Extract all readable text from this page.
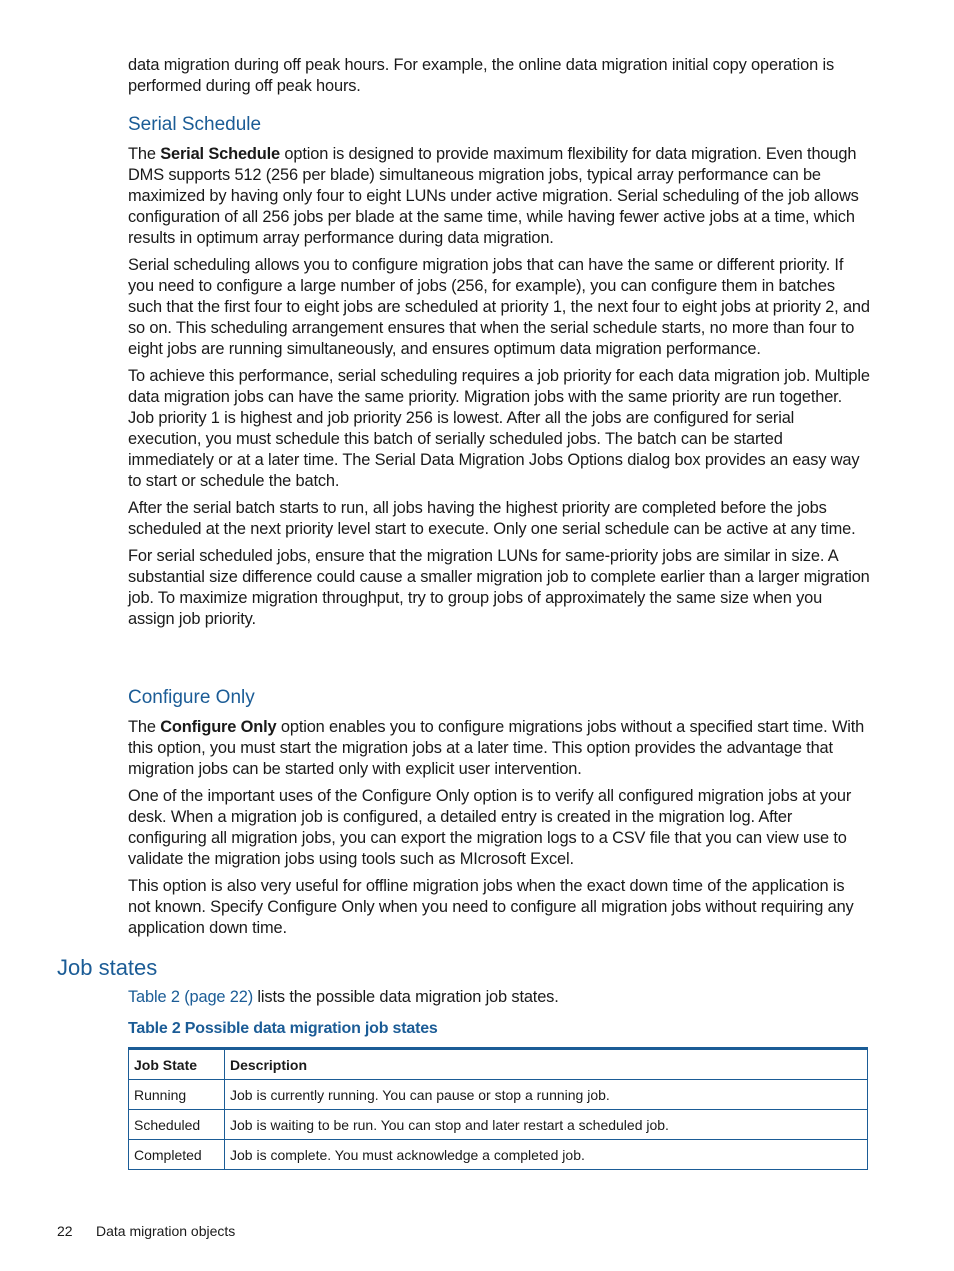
data migration during off peak hours. For example, the online data migration initial copy operation is performed during off peak hours.

Serial Schedule

The Serial Schedule option is designed to provide maximum flexibility for data migration. Even though DMS supports 512 (256 per blade) simultaneous migration jobs, typical array performance can be maximized by having only four to eight LUNs under active migration. Serial scheduling of the job allows configuration of all 256 jobs per blade at the same time, while having fewer active jobs at a time, which results in optimum array performance during data migration.

Serial scheduling allows you to configure migration jobs that can have the same or different priority. If you need to configure a large number of jobs (256, for example), you can configure them in batches such that the first four to eight jobs are scheduled at priority 1, the next four to eight jobs at priority 2, and so on. This scheduling arrangement ensures that when the serial schedule starts, no more than four to eight jobs are running simultaneously, and ensures optimum data migration performance.

To achieve this performance, serial scheduling requires a job priority for each data migration job. Multiple data migration jobs can have the same priority. Migration jobs with the same priority are run together. Job priority 1 is highest and job priority 256 is lowest. After all the jobs are configured for serial execution, you must schedule this batch of serially scheduled jobs. The batch can be started immediately or at a later time. The Serial Data Migration Jobs Options dialog box provides an easy way to start or schedule the batch.

After the serial batch starts to run, all jobs having the highest priority are completed before the jobs scheduled at the next priority level start to execute. Only one serial schedule can be active at any time.

For serial scheduled jobs, ensure that the migration LUNs for same-priority jobs are similar in size. A substantial size difference could cause a smaller migration job to complete earlier than a larger migration job. To maximize migration throughput, try to group jobs of approximately the same size when you assign job priority.

Configure Only

The Configure Only option enables you to configure migrations jobs without a specified start time. With this option, you must start the migration jobs at a later time. This option provides the advantage that migration jobs can be started only with explicit user intervention.

One of the important uses of the Configure Only option is to verify all configured migration jobs at your desk. When a migration job is configured, a detailed entry is created in the migration log. After configuring all migration jobs, you can export the migration logs to a CSV file that you can view use to validate the migration jobs using tools such as MIcrosoft Excel.

This option is also very useful for offline migration jobs when the exact down time of the application is not known. Specify Configure Only when you need to configure all migration jobs without requiring any application down time.

Job states

Table 2 (page 22) lists the possible data migration job states.

Table 2 Possible data migration job states

Job State	Description
Running	Job is currently running. You can pause or stop a running job.
Scheduled	Job is waiting to be run. You can stop and later restart a scheduled job.
Completed	Job is complete. You must acknowledge a completed job.
22 Data migration objects
